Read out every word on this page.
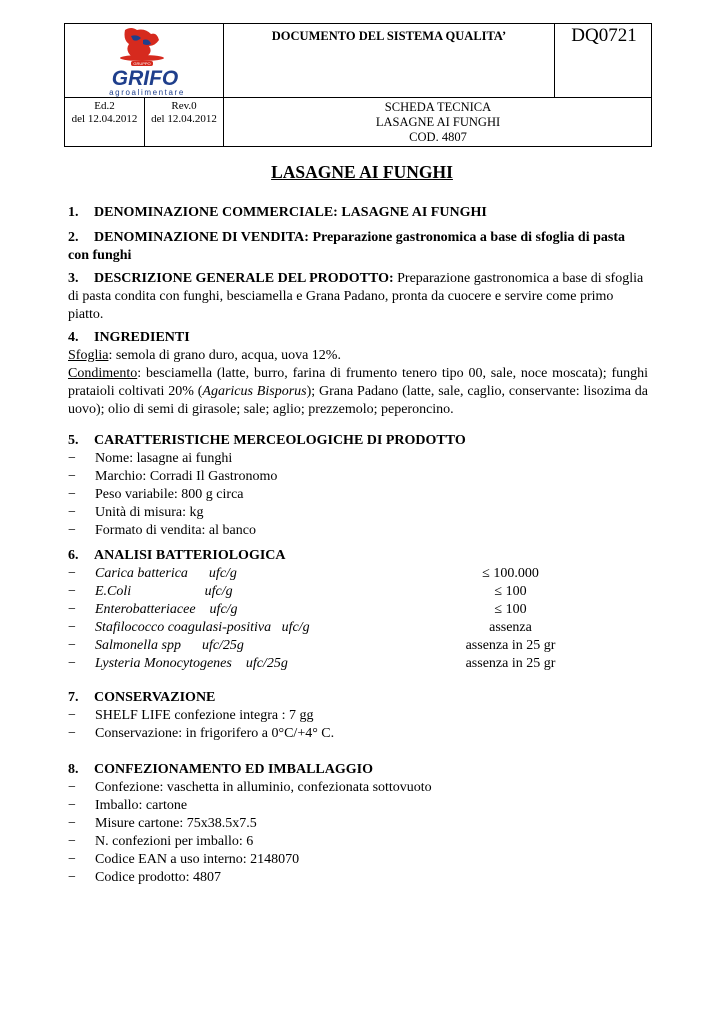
GRUPPO
GRIFO
agroalimentare
DOCUMENTO DEL SISTEMA QUALITA’	DQ0721
Ed.2
del 12.04.2012
Rev.0
del 12.04.2012
SCHEDA TECNICA
LASAGNE AI FUNGHI
COD. 4807
LASAGNE AI FUNGHI
1. DENOMINAZIONE COMMERCIALE: LASAGNE AI FUNGHI
2. DENOMINAZIONE DI VENDITA: Preparazione gastronomica a base di sfoglia di pasta con funghi
3. DESCRIZIONE GENERALE DEL PRODOTTO: Preparazione gastronomica a base di sfoglia di pasta condita con funghi, besciamella e Grana Padano, pronta da cuocere e servire come primo piatto.
4. INGREDIENTI
Sfoglia: semola di grano duro, acqua, uova 12%.
Condimento: besciamella (latte, burro, farina di frumento tenero tipo 00, sale, noce moscata); funghi prataioli coltivati 20% (Agaricus Bisporus); Grana Padano (latte, sale, caglio, conservante: lisozima da uovo); olio di semi di girasole; sale; aglio; prezzemolo; peperoncino.
5. CARATTERISTICHE MERCEOLOGICHE DI PRODOTTO
− Nome: lasagne ai funghi
− Marchio: Corradi Il Gastronomo
− Peso variabile: 800 g circa
− Unità di misura: kg
− Formato di vendita: al banco
6. ANALISI BATTERIOLOGICA
− Carica batterica      ufc/g	≤ 100.000
− E.Coli                     ufc/g	≤ 100
− Enterobatteriacee    ufc/g	≤ 100
− Stafilococco coagulasi-positiva   ufc/g	assenza
− Salmonella spp      ufc/25g	assenza in 25 gr
− Lysteria Monocytogenes    ufc/25g	assenza in 25 gr
7. CONSERVAZIONE
− SHELF LIFE confezione integra : 7 gg
− Conservazione: in frigorifero a 0°C/+4° C.
8. CONFEZIONAMENTO ED IMBALLAGGIO
− Confezione: vaschetta in alluminio, confezionata sottovuoto
− Imballo: cartone
− Misure cartone: 75x38.5x7.5
− N. confezioni per imballo: 6
− Codice EAN a uso interno: 2148070
− Codice prodotto: 4807
